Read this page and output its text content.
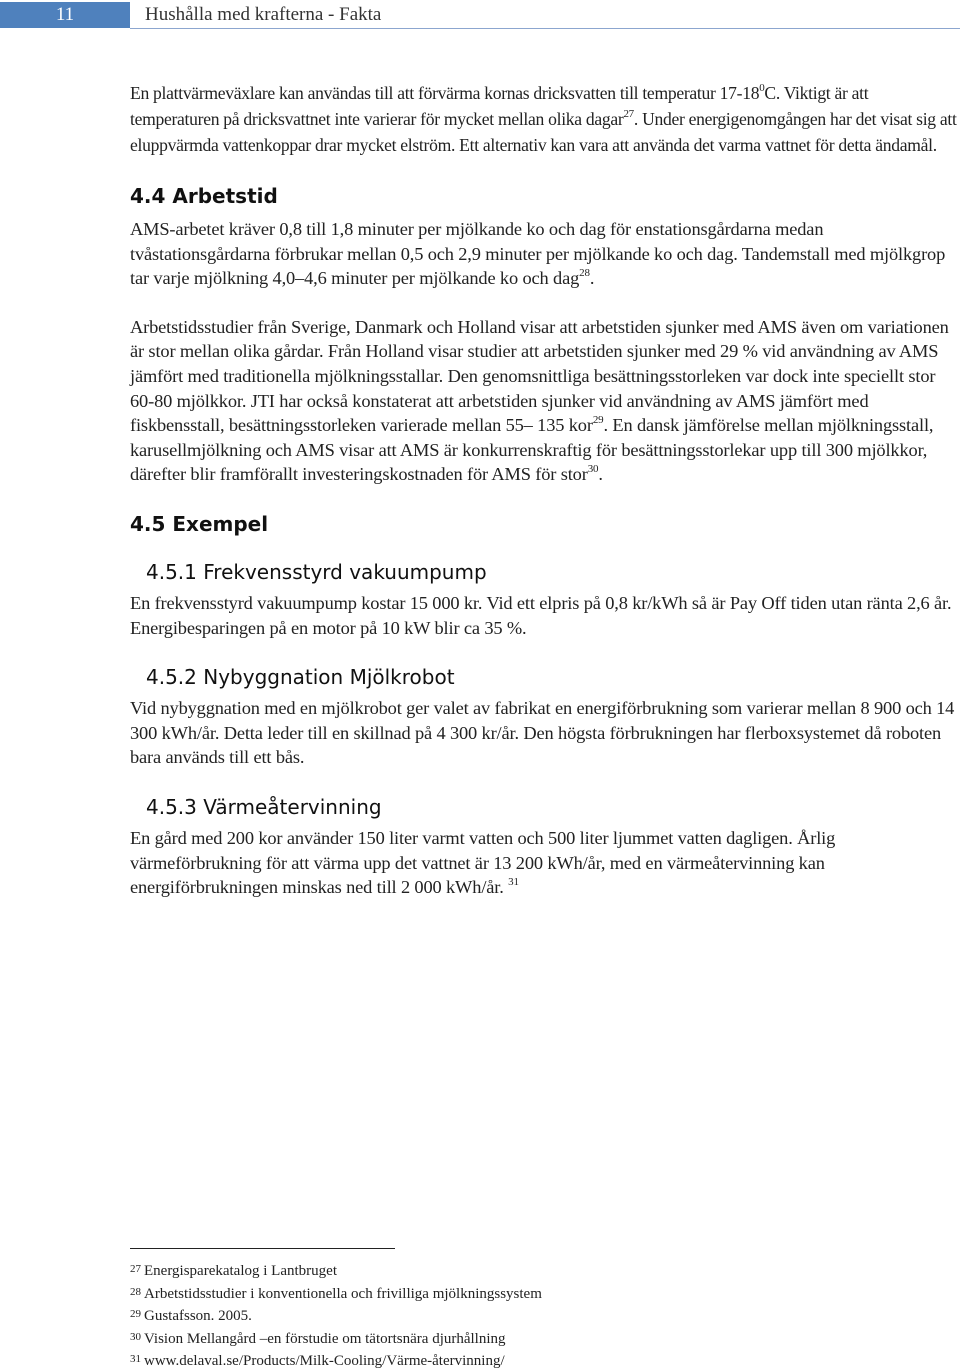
11	Hushålla med krafterna - Fakta

En plattvärmeväxlare kan användas till att förvärma kornas dricksvatten till temperatur $17-18^0C$. Viktigt är att temperaturen på dricksvattnet inte varierar för mycket mellan olika dagar$^{27}$. Under energigenomgången har det visat sig att eluppvärmda vattenkoppar drar mycket elström. Ett alternativ kan vara att använda det varma vattnet för detta ändamål.

4.4 Arbetstid

AMS-arbetet kräver 0,8 till 1,8 minuter per mjölkande ko och dag för enstationsgårdarna medan tvåstationsgårdarna förbrukar mellan 0,5 och 2,9 minuter per mjölkande ko och dag. Tandemstall med mjölkgrop tar varje mjölkning 4,0–4,6 minuter per mjölkande ko och dag$^{28}$.

Arbetstidsstudier från Sverige, Danmark och Holland visar att arbetstiden sjunker med AMS även om variationen är stor mellan olika gårdar. Från Holland visar studier att arbetstiden sjunker med 29 % vid användning av AMS jämfört med traditionella mjölkningsstallar. Den genomsnittliga besättningsstorleken var dock inte speciellt stor 60-80 mjölkkor. JTI har också konstaterat att arbetstiden sjunker vid användning av AMS jämfört med fiskbensstall, besättningsstorleken varierade mellan 55– 135 kor$^{29}$. En dansk jämförelse mellan mjölkningsstall, karusellmjölkning och AMS visar att AMS är konkurrenskraftig för besättningsstorlekar upp till 300 mjölkkor, därefter blir framförallt investeringskostnaden för AMS för stor$^{30}$.

4.5 Exempel
4.5.1 Frekvensstyrd vakuumpump

En frekvensstyrd vakuumpump kostar 15 000 kr. Vid ett elpris på 0,8 kr/kWh så är Pay Off tiden utan ränta 2,6 år. Energibesparingen på en motor på 10 kW blir ca 35 %.

4.5.2 Nybyggnation Mjölkrobot

Vid nybyggnation med en mjölkrobot ger valet av fabrikat en energiförbrukning som varierar mellan 8 900 och 14 300 kWh/år. Detta leder till en skillnad på 4 300 kr/år. Den högsta förbrukningen har flerboxsystemet då roboten bara används till ett bås.

4.5.3 Värmeåtervinning

En gård med 200 kor använder 150 liter varmt vatten och 500 liter ljummet vatten dagligen. Årlig värmeförbrukning för att värma upp det vattnet är 13 200 kWh/år, med en värmeåtervinning kan energiförbrukningen minskas ned till 2 000 kWh/år. $^{31}$

$^{27}$ Energisparekatalog i Lantbruget
$^{28}$ Arbetstidsstudier i konventionella och frivilliga mjölkningssystem
$^{29}$ Gustafsson. 2005.
$^{30}$ Vision Mellangård –en förstudie om tätortsnära djurhållning
$^{31}$ www.delaval.se/Products/Milk-Cooling/Värme-återvinning/
